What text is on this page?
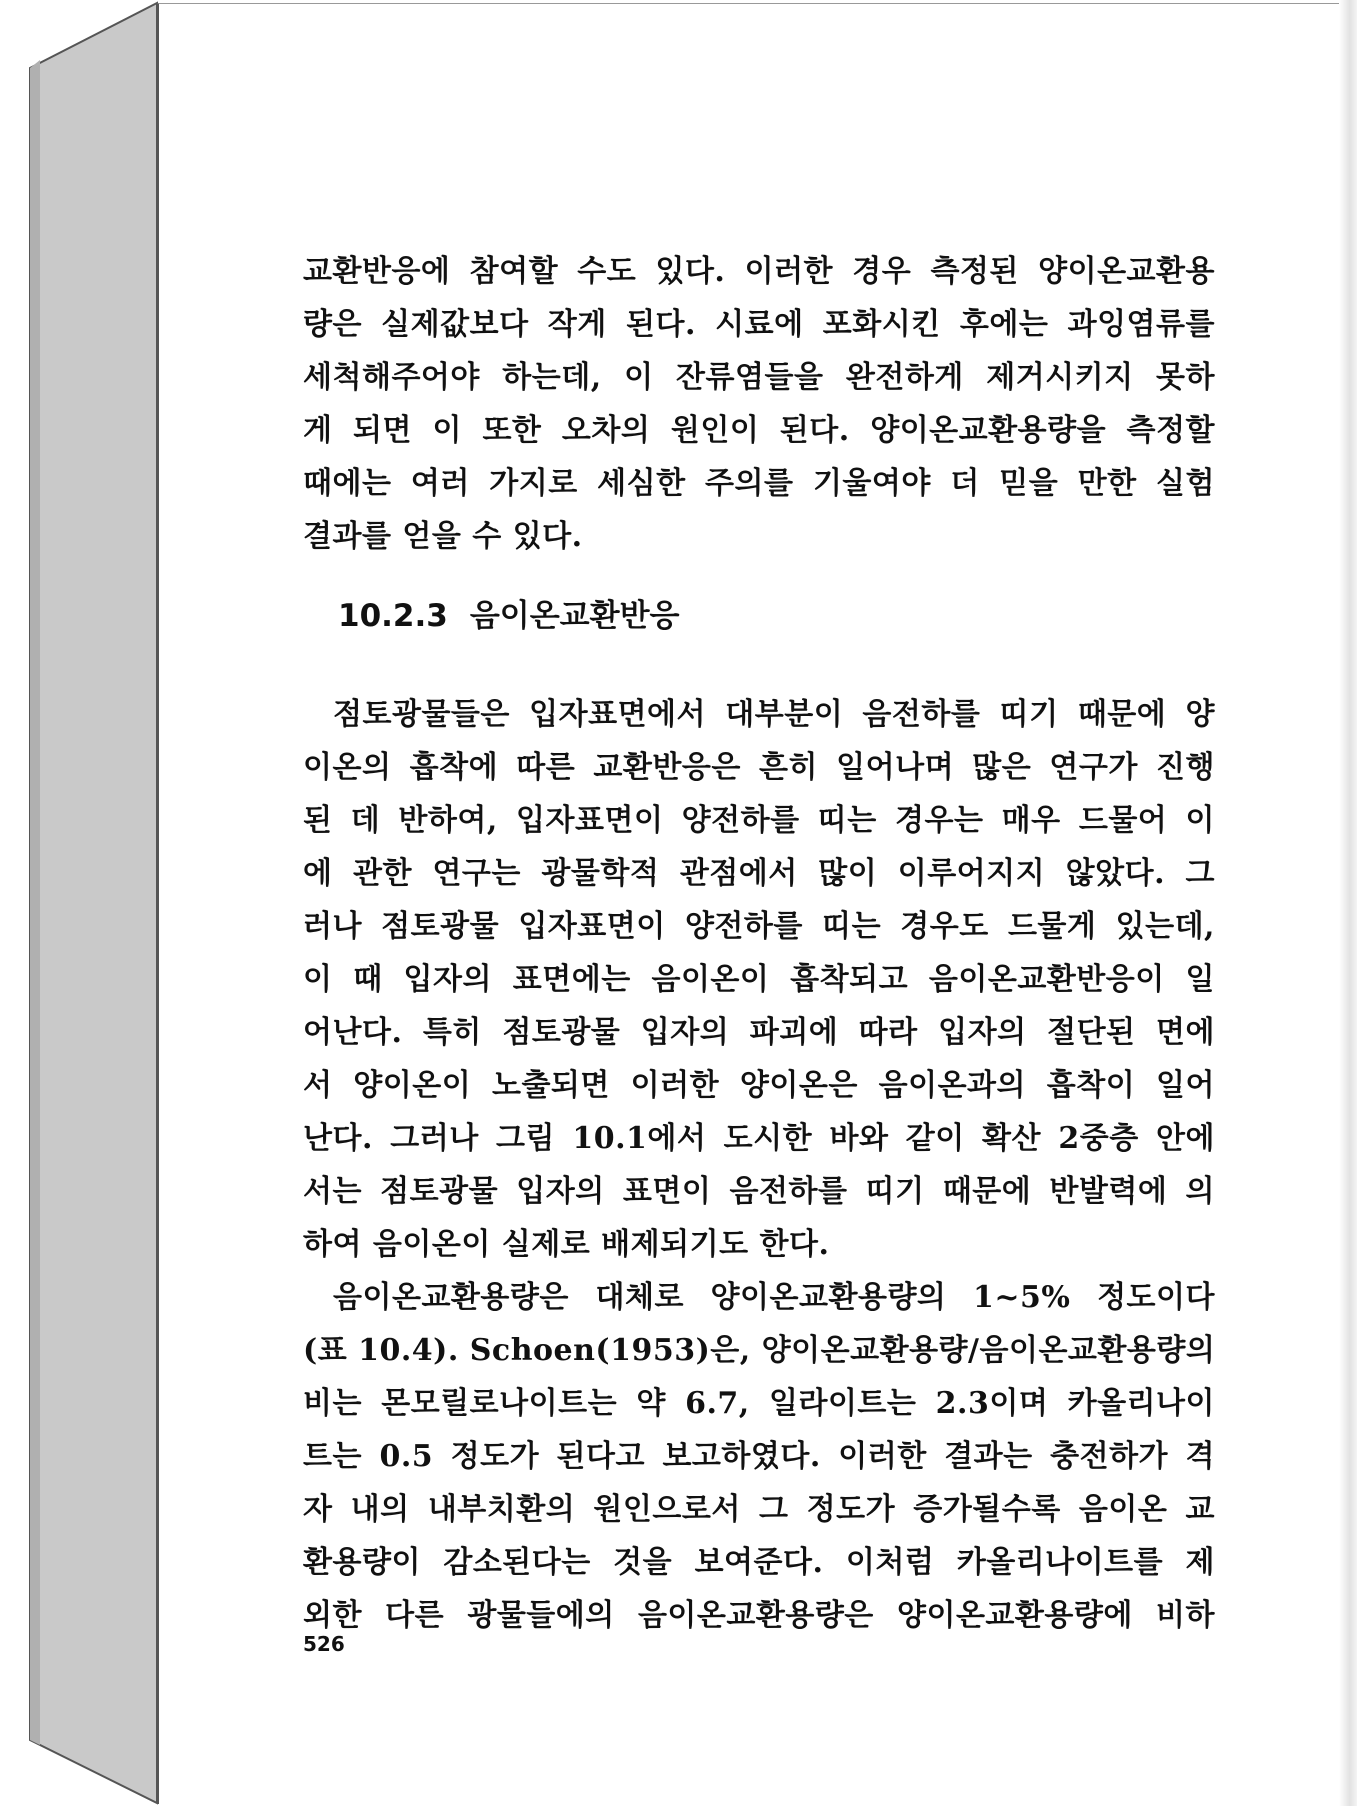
교환반응에 참여할 수도 있다. 이러한 경우 측정된 양이온교환용
량은 실제값보다 작게 된다. 시료에 포화시킨 후에는 과잉염류를
세척해주어야 하는데, 이 잔류염들을 완전하게 제거시키지 못하
게 되면 이 또한 오차의 원인이 된다. 양이온교환용량을 측정할
때에는 여러 가지로 세심한 주의를 기울여야 더 믿을 만한 실험
결과를 얻을 수 있다.
10.2.3 음이온교환반응
점토광물들은 입자표면에서 대부분이 음전하를 띠기 때문에 양
이온의 흡착에 따른 교환반응은 흔히 일어나며 많은 연구가 진행
된 데 반하여, 입자표면이 양전하를 띠는 경우는 매우 드물어 이
에 관한 연구는 광물학적 관점에서 많이 이루어지지 않았다. 그
러나 점토광물 입자표면이 양전하를 띠는 경우도 드물게 있는데,
이 때 입자의 표면에는 음이온이 흡착되고 음이온교환반응이 일
어난다. 특히 점토광물 입자의 파괴에 따라 입자의 절단된 면에
서 양이온이 노출되면 이러한 양이온은 음이온과의 흡착이 일어
난다. 그러나 그림 10.1에서 도시한 바와 같이 확산 2중층 안에
서는 점토광물 입자의 표면이 음전하를 띠기 때문에 반발력에 의
하여 음이온이 실제로 배제되기도 한다.
음이온교환용량은 대체로 양이온교환용량의 1~5% 정도이다
(표 10.4). Schoen(1953)은, 양이온교환용량/음이온교환용량의
비는 몬모릴로나이트는 약 6.7, 일라이트는 2.3이며 카올리나이
트는 0.5 정도가 된다고 보고하였다. 이러한 결과는 충전하가 격
자 내의 내부치환의 원인으로서 그 정도가 증가될수록 음이온 교
환용량이 감소된다는 것을 보여준다. 이처럼 카올리나이트를 제
외한 다른 광물들에의 음이온교환용량은 양이온교환용량에 비하
526
